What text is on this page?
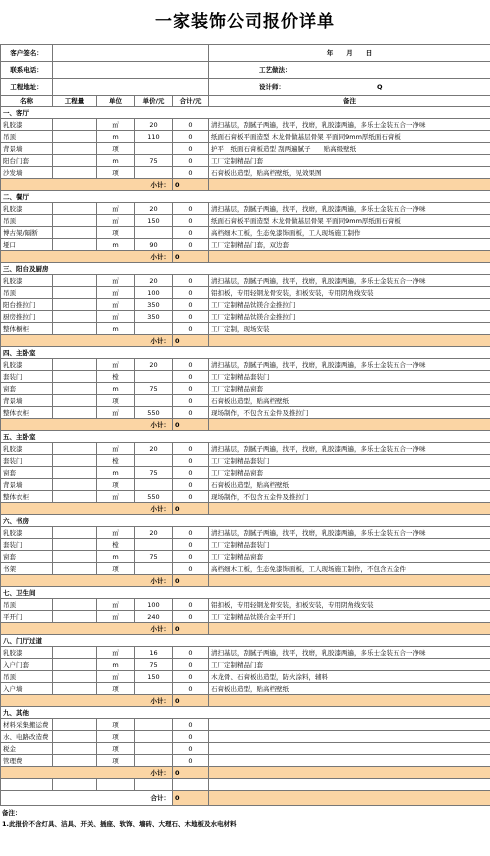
一家装饰公司报价详单
客户签名：					年　　月　　日
联系电话：					工艺做法：
工程地址：					设计师： Q
名称	工程量	单位	单价/元	合计/元	备注
一、客厅					
乳胶漆		㎡	20	0	清扫基层，刮腻子两遍，找平，找磨，乳胶漆两遍，多乐士金装五合一净味
吊顶		m	110	0	纸面石膏板平面造型 木龙骨做基层骨架 平面同9mm厚纸面石膏板
背景墙		项		0	护平　纸面石膏板造型 刮两遍腻子　　贴高级壁纸
阳台门套		m	75	0	工厂定制精品门套
沙发墙		项		0	石膏板出造型，贴高档壁纸，见效果图
小计：				0	
二、餐厅					
乳胶漆		㎡	20	0	清扫基层，刮腻子两遍，找平，找磨，乳胶漆两遍，多乐士金装五合一净味
吊顶		㎡	150	0	纸面石膏板平面造型 木龙骨做基层骨架 平面同9mm厚纸面石膏板
博古架/隔断		项		0	高档细木工板，生态免漆饰面板，工人现场施工制作
垭口		m	90	0	工厂定制精品门套，双边套
小计：				0	
三、阳台及厨房					
乳胶漆		㎡	20	0	清扫基层，刮腻子两遍，找平，找磨，乳胶漆两遍，多乐士金装五合一净味
吊顶		㎡	100	0	铝扣板，专用轻钢龙骨安装，扣板安装，专用阴角线安装
阳台推拉门		㎡	350	0	工厂定制精品钛镁合金推拉门
厨房推拉门		㎡	350	0	工厂定制精品钛镁合金推拉门
整体橱柜		m		0	工厂定制，现场安装
小计：				0	
四、主卧室					
乳胶漆		㎡	20	0	清扫基层，刮腻子两遍，找平，找磨，乳胶漆两遍，多乐士金装五合一净味
套装门		樘		0	工厂定制精品套装门
窗套		m	75	0	工厂定制精品窗套
背景墙		项		0	石膏板出造型，贴高档壁纸
整体衣柜		㎡	550	0	现场制作，不包含五金件及推拉门
小计：				0	
五、主卧室					
乳胶漆		㎡	20	0	清扫基层，刮腻子两遍，找平，找磨，乳胶漆两遍，多乐士金装五合一净味
套装门		樘		0	工厂定制精品套装门
窗套		m	75	0	工厂定制精品窗套
背景墙		项		0	石膏板出造型，贴高档壁纸
整体衣柜		㎡	550	0	现场制作，不包含五金件及推拉门
小计：				0	
六、书房					
乳胶漆		㎡	20	0	清扫基层，刮腻子两遍，找平，找磨，乳胶漆两遍，多乐士金装五合一净味
套装门		樘		0	工厂定制精品套装门
窗套		m	75	0	工厂定制精品窗套
书架		项		0	高档细木工板，生态免漆饰面板，工人现场施工制作，不包含五金件
小计：				0	
七、卫生间					
吊顶		㎡	100	0	铝扣板，专用轻钢龙骨安装，扣板安装，专用阴角线安装
平开门		㎡	240	0	工厂定制精品钛镁合金平开门
小计：				0	
八、门厅过道					
乳胶漆		㎡	16	0	清扫基层，刮腻子两遍，找平，找磨，乳胶漆两遍，多乐士金装五合一净味
入户门套		m	75	0	工厂定制精品门套
吊顶		㎡	150	0	木龙骨、石膏板出造型，防火涂料，辅料
入户墙		项		0	石膏板出造型，贴高档壁纸
小计：				0	
九、其他					
材料采集搬运费		项		0	
水、电路改造费		项		0	
税金		项		0	
管理费		项		0	
小计：				0	

合计：				0	
备注：
1.此报价不含灯具、洁具、开关、插座、软饰、墙砖、大理石、木地板及水电材料
